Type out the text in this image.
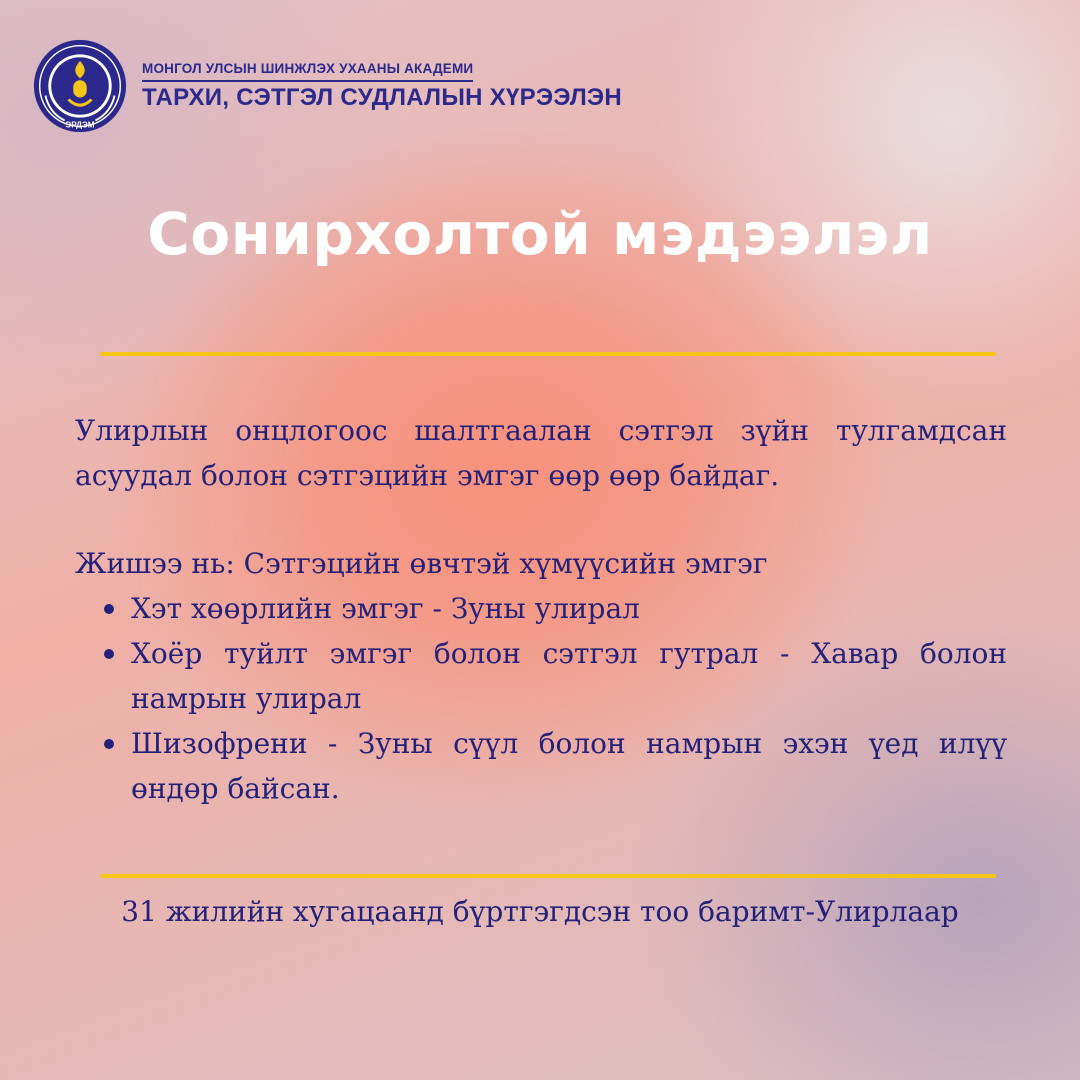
ЭРДЭМ
МОНГОЛ УЛСЫН ШИНЖЛЭХ УХААНЫ АКАДЕМИ
ТАРХИ, СЭТГЭЛ СУДЛАЛЫН ХҮРЭЭЛЭН
Сонирхолтой мэдээлэл

Улирлын онцлогоос шалтгаалан сэтгэл зүйн тулгамдсан асуудал болон сэтгэцийн эмгэг өөр өөр байдаг.

Жишээ нь: Сэтгэцийн өвчтэй хүмүүсийн эмгэг

Хэт хөөрлийн эмгэг - Зуны улирал
Хоёр туйлт эмгэг болон сэтгэл гутрал - Хавар болон намрын улирал
Шизофрени - Зуны сүүл болон намрын эхэн үед илүү өндөр байсан.
31 жилийн хугацаанд бүртгэгдсэн тоо баримт-Улирлаар
